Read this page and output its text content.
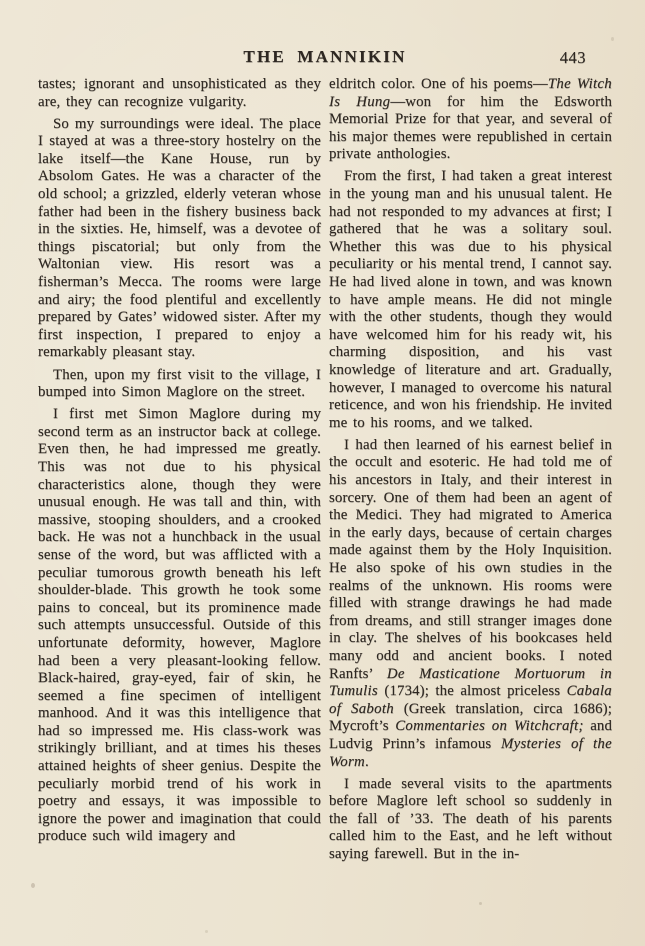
THE MANNIKIN	443

tastes; ignorant and unsophisticated as they are, they can recognize vulgarity.

So my surroundings were ideal. The place I stayed at was a three-story hostelry on the lake itself—the Kane House, run by Absolom Gates. He was a character of the old school; a grizzled, elderly veteran whose father had been in the fishery business back in the sixties. He, himself, was a devotee of things piscatorial; but only from the Waltonian view. His resort was a fisherman’s Mecca. The rooms were large and airy; the food plentiful and excellently prepared by Gates’ widowed sister. After my first inspection, I prepared to enjoy a remarkably pleasant stay.

Then, upon my first visit to the village, I bumped into Simon Maglore on the street.

I first met Simon Maglore during my second term as an instructor back at college. Even then, he had impressed me greatly. This was not due to his physical characteristics alone, though they were unusual enough. He was tall and thin, with massive, stooping shoulders, and a crooked back. He was not a hunchback in the usual sense of the word, but was afflicted with a peculiar tumorous growth beneath his left shoulder-blade. This growth he took some pains to conceal, but its prominence made such attempts unsuccessful. Outside of this unfortunate deformity, however, Maglore had been a very pleasant-looking fellow. Black-haired, gray-eyed, fair of skin, he seemed a fine specimen of intelligent manhood. And it was this intelligence that had so impressed me. His class-work was strikingly brilliant, and at times his theses attained heights of sheer genius. Despite the peculiarly morbid trend of his work in poetry and essays, it was impossible to ignore the power and imagination that could produce such wild imagery and

eldritch color. One of his poems—The Witch Is Hung—won for him the Edsworth Memorial Prize for that year, and several of his major themes were republished in certain private anthologies.

From the first, I had taken a great interest in the young man and his unusual talent. He had not responded to my advances at first; I gathered that he was a solitary soul. Whether this was due to his physical peculiarity or his mental trend, I cannot say. He had lived alone in town, and was known to have ample means. He did not mingle with the other students, though they would have welcomed him for his ready wit, his charming disposition, and his vast knowledge of literature and art. Gradually, however, I managed to overcome his natural reticence, and won his friendship. He invited me to his rooms, and we talked.

I had then learned of his earnest belief in the occult and esoteric. He had told me of his ancestors in Italy, and their interest in sorcery. One of them had been an agent of the Medici. They had migrated to America in the early days, because of certain charges made against them by the Holy Inquisition. He also spoke of his own studies in the realms of the unknown. His rooms were filled with strange drawings he had made from dreams, and still stranger images done in clay. The shelves of his bookcases held many odd and ancient books. I noted Ranfts’ De Masticatione Mortuorum in Tumulis (1734); the almost priceless Cabala of Saboth (Greek translation, circa 1686); Mycroft’s Commentaries on Witchcraft; and Ludvig Prinn’s infamous Mysteries of the Worm.

I made several visits to the apartments before Maglore left school so suddenly in the fall of ’33. The death of his parents called him to the East, and he left without saying farewell. But in the in-
